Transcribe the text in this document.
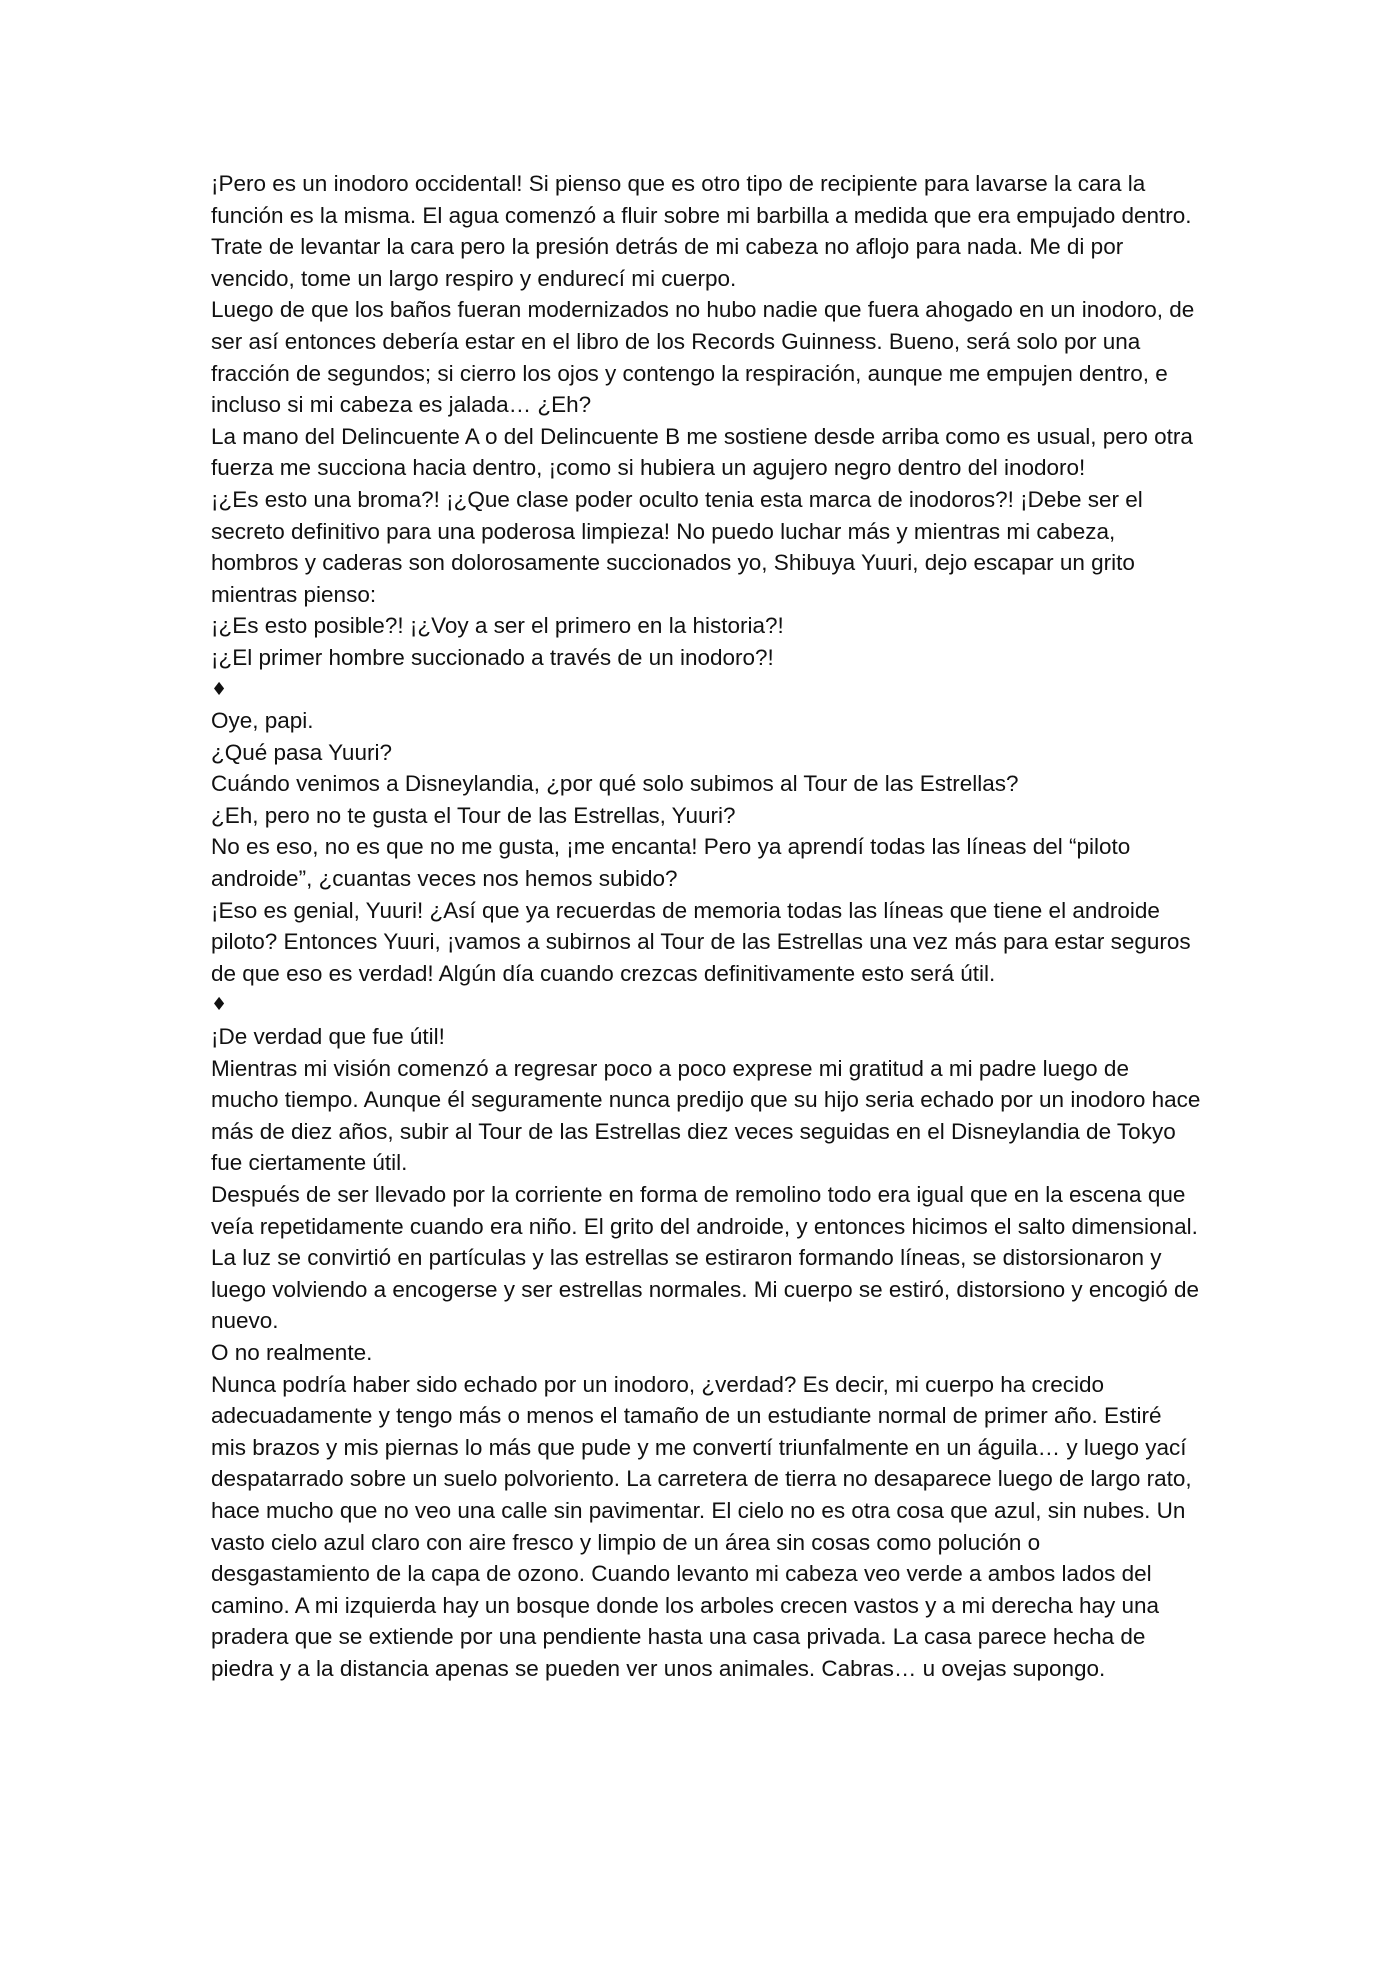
¡Pero es un inodoro occidental! Si pienso que es otro tipo de recipiente para lavarse la cara la función es la misma. El agua comenzó a fluir sobre mi barbilla a medida que era empujado dentro. Trate de levantar la cara pero la presión detrás de mi cabeza no aflojo para nada. Me di por vencido, tome un largo respiro y endurecí mi cuerpo.

Luego de que los baños fueran modernizados no hubo nadie que fuera ahogado en un inodoro, de ser así entonces debería estar en el libro de los Records Guinness. Bueno, será solo por una fracción de segundos; si cierro los ojos y contengo la respiración, aunque me empujen dentro, e incluso si mi cabeza es jalada… ¿Eh?

La mano del Delincuente A o del Delincuente B me sostiene desde arriba como es usual, pero otra fuerza me succiona hacia dentro, ¡como si hubiera un agujero negro dentro del inodoro!

¡¿Es esto una broma?! ¡¿Que clase poder oculto tenia esta marca de inodoros?! ¡Debe ser el secreto definitivo para una poderosa limpieza! No puedo luchar más y mientras mi cabeza, hombros y caderas son dolorosamente succionados yo, Shibuya Yuuri, dejo escapar un grito mientras pienso:

¡¿Es esto posible?! ¡¿Voy a ser el primero en la historia?!

¡¿El primer hombre succionado a través de un inodoro?!

♦

Oye, papi.

¿Qué pasa Yuuri?

Cuándo venimos a Disneylandia, ¿por qué solo subimos al Tour de las Estrellas?

¿Eh, pero no te gusta el Tour de las Estrellas, Yuuri?

No es eso, no es que no me gusta, ¡me encanta! Pero ya aprendí todas las líneas del “piloto androide”, ¿cuantas veces nos hemos subido?

¡Eso es genial, Yuuri! ¿Así que ya recuerdas de memoria todas las líneas que tiene el androide piloto? Entonces Yuuri, ¡vamos a subirnos al Tour de las Estrellas una vez más para estar seguros de que eso es verdad! Algún día cuando crezcas definitivamente esto será útil.

♦

¡De verdad que fue útil!

Mientras mi visión comenzó a regresar poco a poco exprese mi gratitud a mi padre luego de mucho tiempo. Aunque él seguramente nunca predijo que su hijo seria echado por un inodoro hace más de diez años, subir al Tour de las Estrellas diez veces seguidas en el Disneylandia de Tokyo fue ciertamente útil.

Después de ser llevado por la corriente en forma de remolino todo era igual que en la escena que veía repetidamente cuando era niño. El grito del androide, y entonces hicimos el salto dimensional. La luz se convirtió en partículas y las estrellas se estiraron formando líneas, se distorsionaron y luego volviendo a encogerse y ser estrellas normales. Mi cuerpo se estiró, distorsiono y encogió de nuevo.

O no realmente.

Nunca podría haber sido echado por un inodoro, ¿verdad? Es decir, mi cuerpo ha crecido adecuadamente y tengo más o menos el tamaño de un estudiante normal de primer año. Estiré mis brazos y mis piernas lo más que pude y me convertí triunfalmente en un águila… y luego yací despatarrado sobre un suelo polvoriento. La carretera de tierra no desaparece luego de largo rato, hace mucho que no veo una calle sin pavimentar. El cielo no es otra cosa que azul, sin nubes. Un vasto cielo azul claro con aire fresco y limpio de un área sin cosas como polución o desgastamiento de la capa de ozono. Cuando levanto mi cabeza veo verde a ambos lados del camino. A mi izquierda hay un bosque donde los arboles crecen vastos y a mi derecha hay una pradera que se extiende por una pendiente hasta una casa privada. La casa parece hecha de piedra y a la distancia apenas se pueden ver unos animales. Cabras… u ovejas supongo.
